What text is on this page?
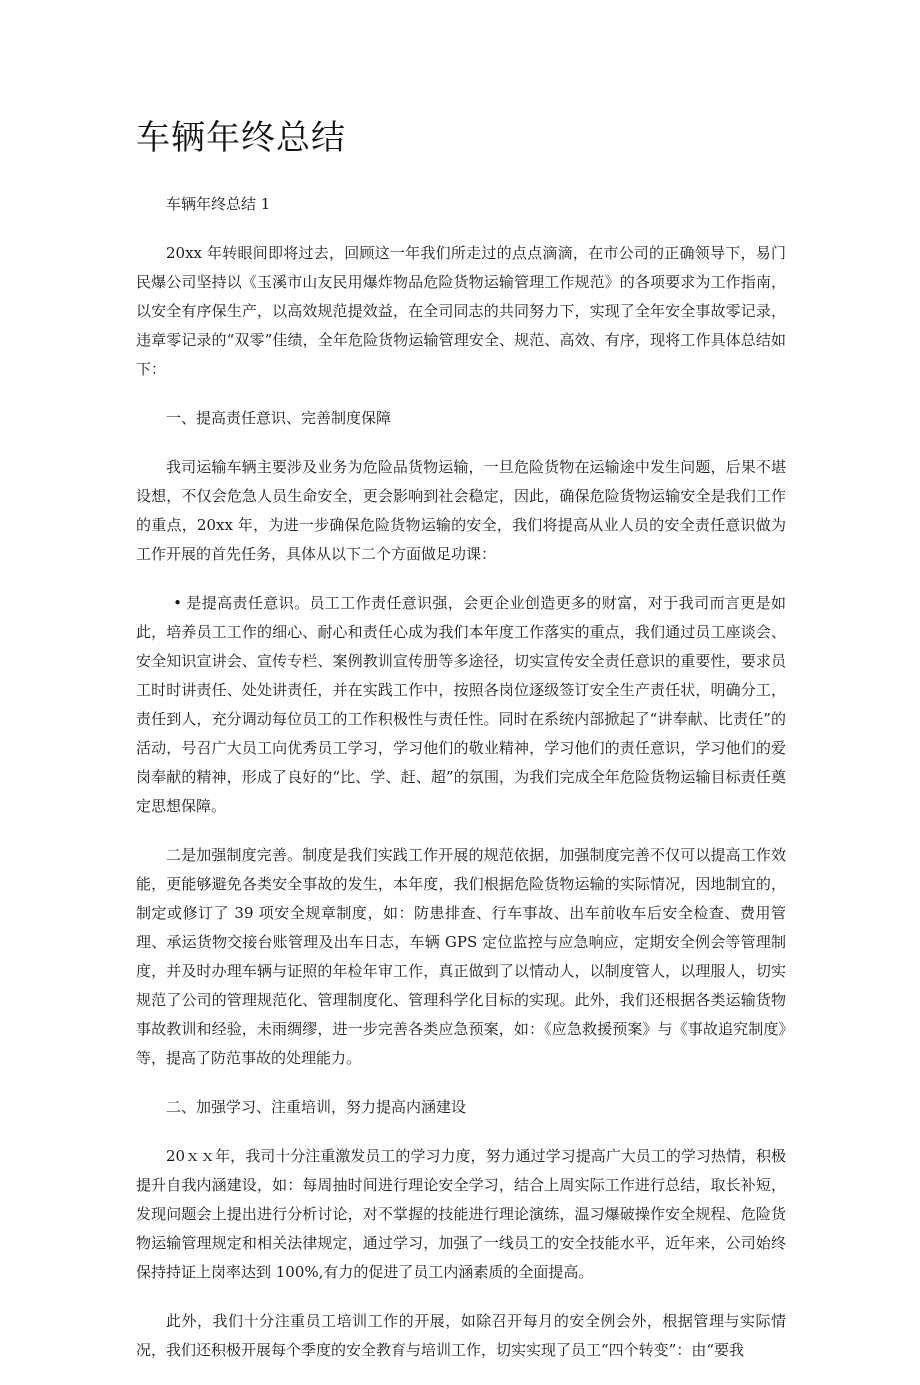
车辆年终总结

车辆年终总结 1

20xx 年转眼间即将过去，回顾这一年我们所走过的点点滴滴，在市公司的正确领导下，易门民爆公司坚持以《玉溪市山友民用爆炸物品危险货物运输管理工作规范》的各项要求为工作指南，以安全有序保生产，以高效规范提效益，在全司同志的共同努力下，实现了全年安全事故零记录，违章零记录的“双零”佳绩，全年危险货物运输管理安全、规范、高效、有序，现将工作具体总结如下：

一、提高责任意识、完善制度保障

我司运输车辆主要涉及业务为危险品货物运输，一旦危险货物在运输途中发生问题，后果不堪设想，不仅会危急人员生命安全，更会影响到社会稳定，因此，确保危险货物运输安全是我们工作的重点，20xx 年，为进一步确保危险货物运输的安全，我们将提高从业人员的安全责任意识做为工作开展的首先任务，具体从以下二个方面做足功课：

• 是提高责任意识。员工工作责任意识强，会更企业创造更多的财富，对于我司而言更是如此，培养员工工作的细心、耐心和责任心成为我们本年度工作落实的重点，我们通过员工座谈会、安全知识宣讲会、宣传专栏、案例教训宣传册等多途径，切实宣传安全责任意识的重要性，要求员工时时讲责任、处处讲责任，并在实践工作中，按照各岗位逐级签订安全生产责任状，明确分工，责任到人，充分调动每位员工的工作积极性与责任性。同时在系统内部掀起了“讲奉献、比责任”的活动，号召广大员工向优秀员工学习，学习他们的敬业精神，学习他们的责任意识，学习他们的爱岗奉献的精神，形成了良好的“比、学、赶、超”的氛围，为我们完成全年危险货物运输目标责任奠定思想保障。

二是加强制度完善。制度是我们实践工作开展的规范依据，加强制度完善不仅可以提高工作效能，更能够避免各类安全事故的发生，本年度，我们根据危险货物运输的实际情况，因地制宜的，制定或修订了 39 项安全规章制度，如：防患排查、行车事故、出车前收车后安全检查、费用管理、承运货物交接台账管理及出车日志，车辆 GPS 定位监控与应急响应，定期安全例会等管理制度，并及时办理车辆与证照的年检年审工作，真正做到了以情动人，以制度管人，以理服人，切实规范了公司的管理规范化、管理制度化、管理科学化目标的实现。此外，我们还根据各类运输货物事故教训和经验，未雨绸缪，进一步完善各类应急预案，如：《应急救援预案》与《事故追究制度》等，提高了防范事故的处理能力。

二、加强学习、注重培训，努力提高内涵建设

20ｘｘ年，我司十分注重激发员工的学习力度，努力通过学习提高广大员工的学习热情，积极提升自我内涵建设，如：每周抽时间进行理论安全学习，结合上周实际工作进行总结，取长补短，发现问题会上提出进行分析讨论，对不掌握的技能进行理论演练，温习爆破操作安全规程、危险货物运输管理规定和相关法律规定，通过学习，加强了一线员工的安全技能水平，近年来，公司始终保持持证上岗率达到 100%,有力的促进了员工内涵素质的全面提高。

此外，我们十分注重员工培训工作的开展，如除召开每月的安全例会外，根据管理与实际情况，我们还积极开展每个季度的安全教育与培训工作，切实实现了员工“四个转变”：由“要我
